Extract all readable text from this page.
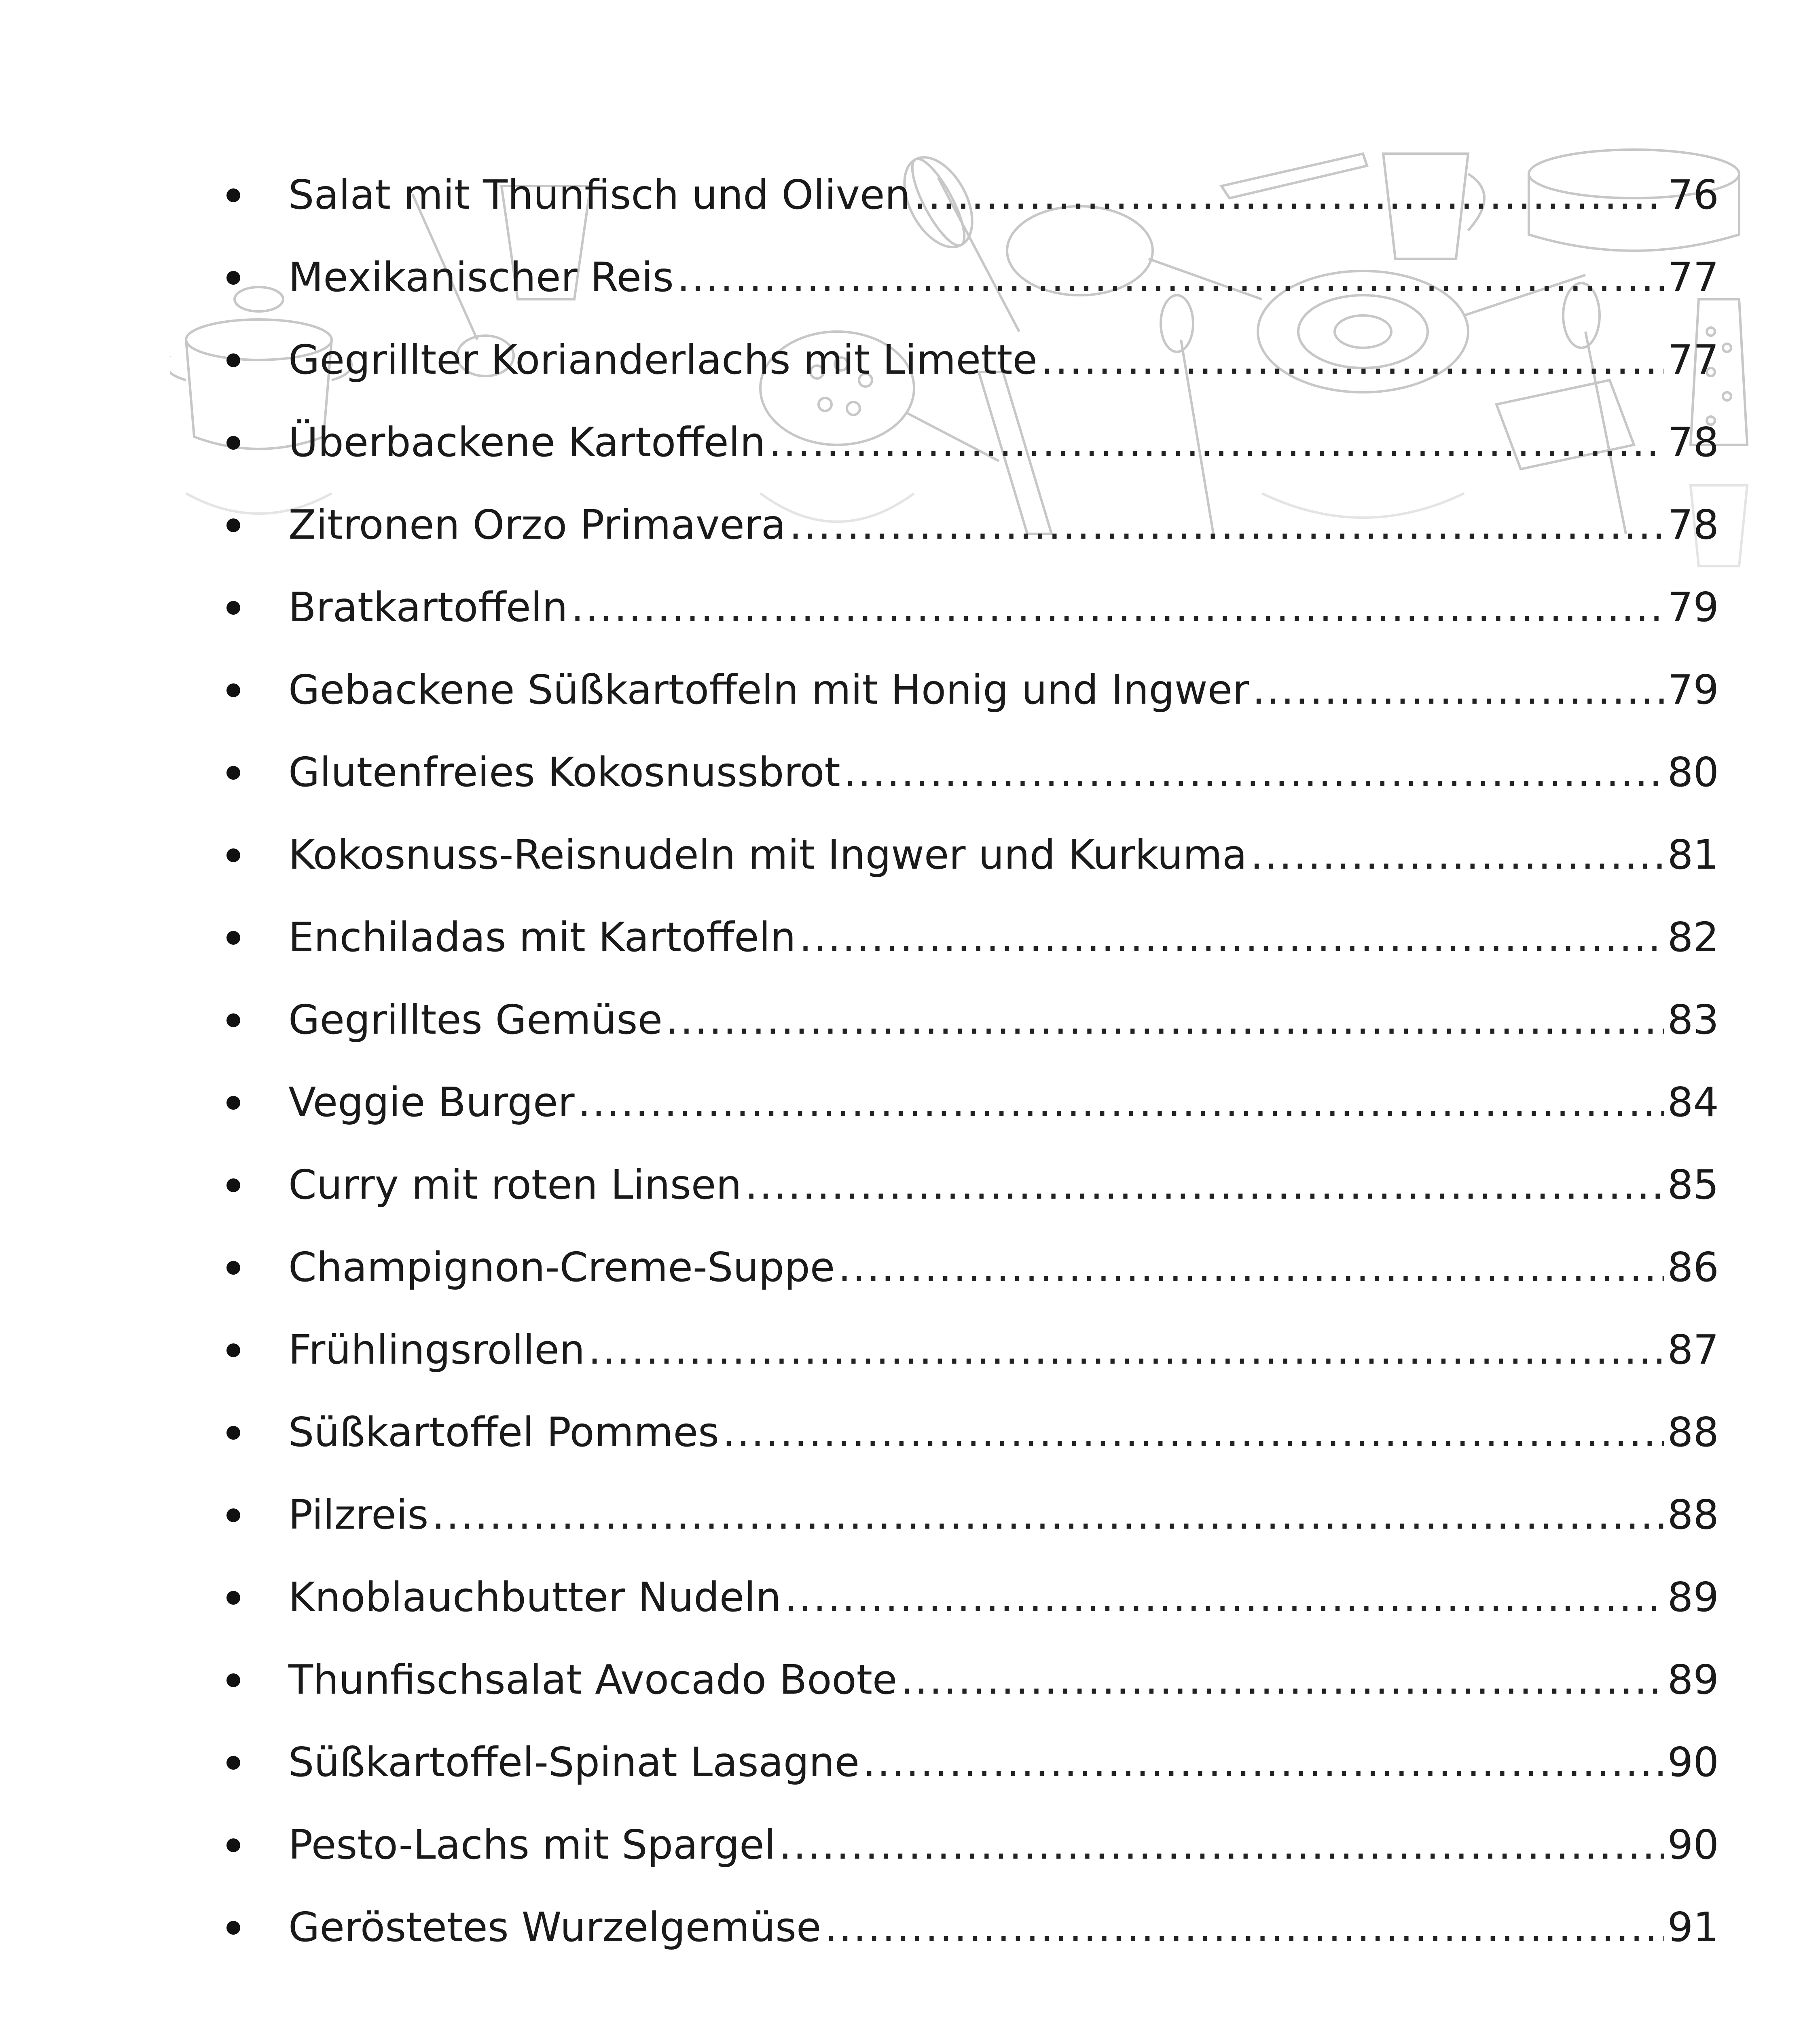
Salat mit Thunfisch und Oliven . . .	76
Mexikanischer Reis . . .	77
Gegrillter Korianderlachs mit Limette . . .	77
Überbackene Kartoffeln . . .	78
Zitronen Orzo Primavera . . .	78
Bratkartoffeln . . .	79
Gebackene Süßkartoffeln mit Honig und Ingwer . . .	79
Glutenfreies Kokosnussbrot . . .	80
Kokosnuss-Reisnudeln mit Ingwer und Kurkuma . . .	81
Enchiladas mit Kartoffeln . . .	82
Gegrilltes Gemüse . . .	83
Veggie Burger . . .	84
Curry mit roten Linsen . . .	85
Champignon-Creme-Suppe . . .	86
Frühlingsrollen . . .	87
Süßkartoffel Pommes . . .	88
Pilzreis . . .	88
Knoblauchbutter Nudeln . . .	89
Thunfischsalat Avocado Boote . . .	89
Süßkartoffel-Spinat Lasagne . . .	90
Pesto-Lachs mit Spargel . . .	90
Geröstetes Wurzelgemüse . . .	91
